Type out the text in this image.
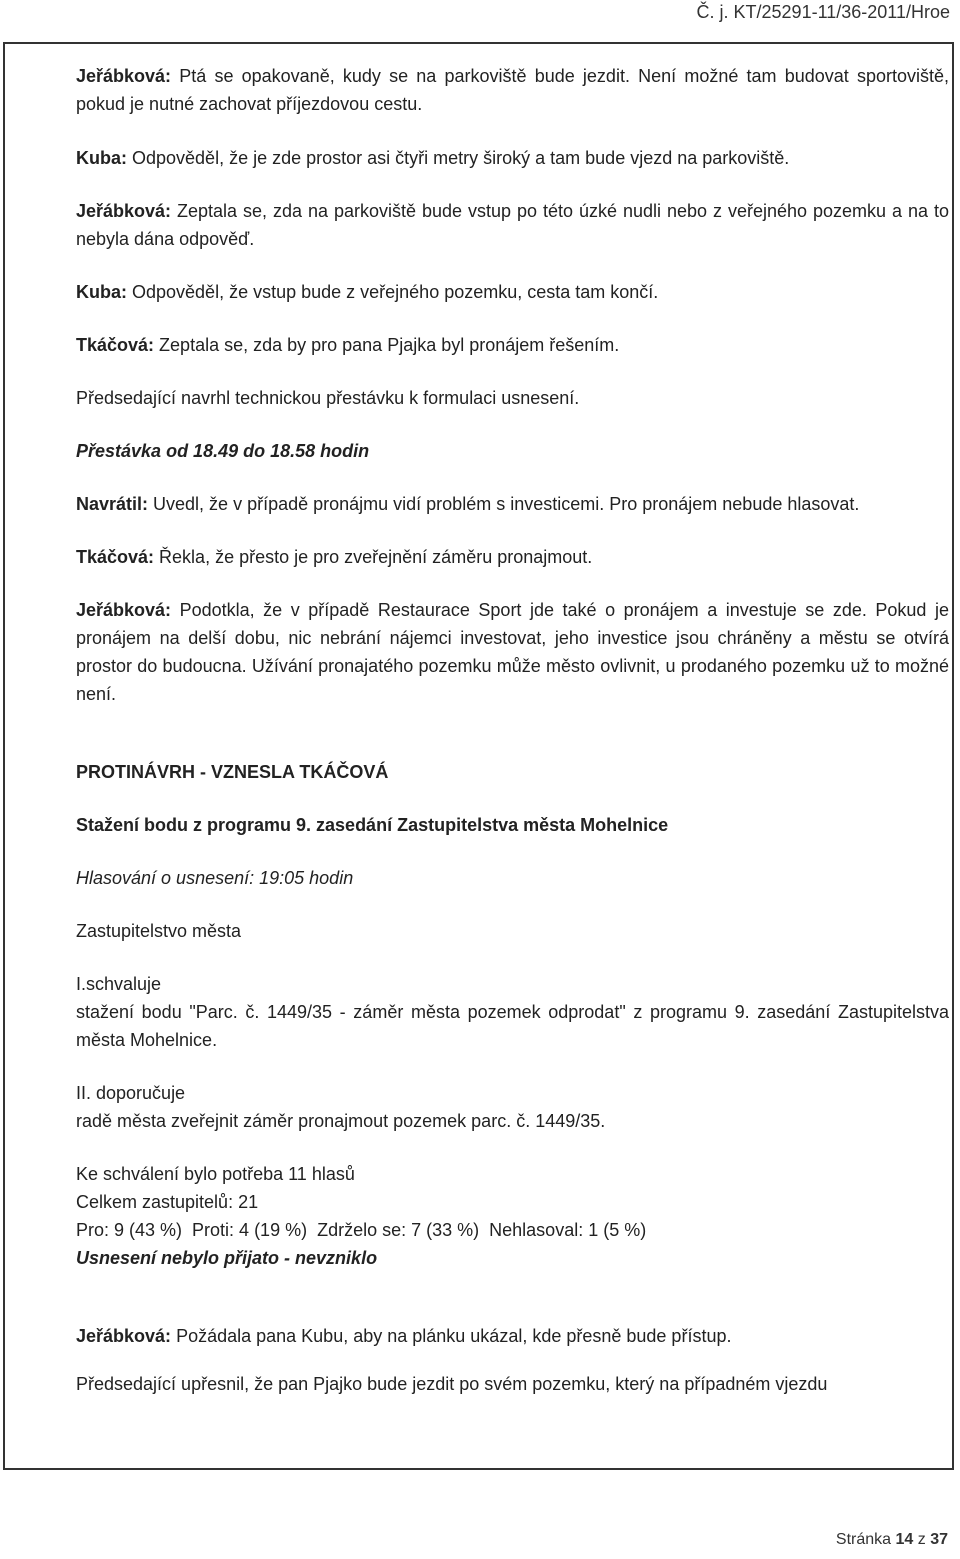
Č. j. KT/25291-11/36-2011/Hroe

Jeřábková: Ptá se opakovaně, kudy se na parkoviště bude jezdit. Není možné tam budovat sportoviště, pokud je nutné zachovat příjezdovou cestu.

Kuba: Odpověděl, že je zde prostor asi čtyři metry široký a tam bude vjezd na parkoviště.

Jeřábková: Zeptala se, zda na parkoviště bude vstup po této úzké nudli nebo z veřejného pozemku a na to nebyla dána odpověď.

Kuba: Odpověděl, že vstup bude z veřejného pozemku, cesta tam končí.

Tkáčová: Zeptala se, zda by pro pana Pjajka byl pronájem řešením.

Předsedající navrhl technickou přestávku k formulaci usnesení.

Přestávka od 18.49 do 18.58 hodin

Navrátil: Uvedl, že v případě pronájmu vidí problém s investicemi. Pro pronájem nebude hlasovat.

Tkáčová: Řekla, že přesto je pro zveřejnění záměru pronajmout.

Jeřábková: Podotkla, že v případě Restaurace Sport jde také o pronájem a investuje se zde. Pokud je pronájem na delší dobu, nic nebrání nájemci investovat, jeho investice jsou chráněny a městu se otvírá prostor do budoucna. Užívání pronajatého pozemku může město ovlivnit, u prodaného pozemku už to možné není.

PROTINÁVRH - VZNESLA TKÁČOVÁ

Stažení bodu z programu 9. zasedání Zastupitelstva města Mohelnice

Hlasování o usnesení: 19:05 hodin

Zastupitelstvo města

I.schvaluje

stažení bodu "Parc. č. 1449/35 - záměr města pozemek odprodat" z programu 9. zasedání Zastupitelstva města Mohelnice.

II. doporučuje

radě města zveřejnit záměr pronajmout pozemek parc. č. 1449/35.

Ke schválení bylo potřeba 11 hlasů

Celkem zastupitelů: 21

Pro: 9 (43 %)  Proti: 4 (19 %)  Zdrželo se: 7 (33 %)  Nehlasoval: 1 (5 %)

Usnesení nebylo přijato - nevzniklo

Jeřábková: Požádala pana Kubu, aby na plánku ukázal, kde přesně bude přístup.

Předsedající upřesnil, že pan Pjajko bude jezdit po svém pozemku, který na případném vjezdu

Stránka 14 z 37
